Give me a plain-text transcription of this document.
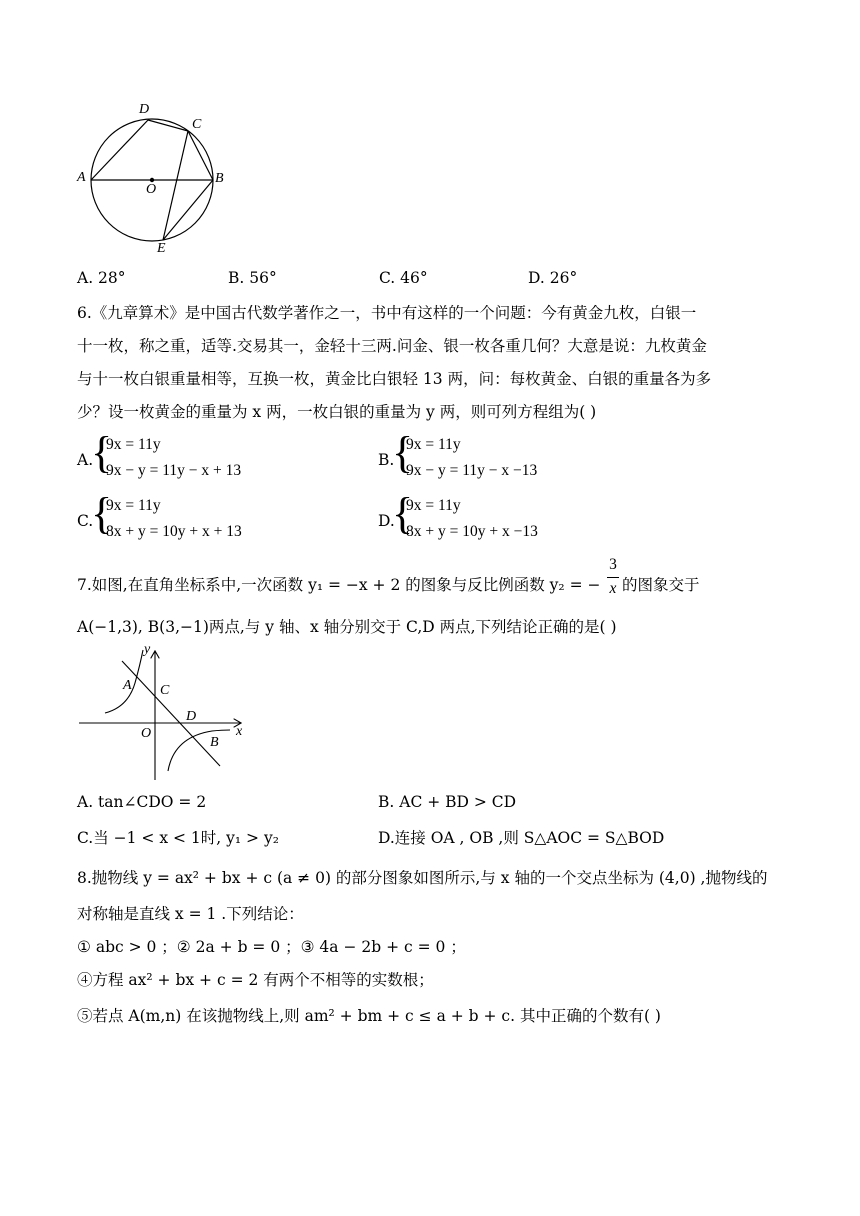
D
C
A
O
B
E
A. 28°	B. 56°	C. 46°	D. 26°
6.《九章算术》是中国古代数学著作之一，书中有这样的一个问题：今有黄金九枚，白银一
十一枚，称之重，适等.交易其一，金轻十三两.问金、银一枚各重几何？大意是说：九枚黄金
与十一枚白银重量相等，互换一枚，黄金比白银轻 13 两，问：每枚黄金、白银的重量各为多
少？设一枚黄金的重量为 x 两，一枚白银的重量为 y 两，则可列方程组为( )
A.
{
9x = 11y
9x − y = 11y − x + 13
B.
{
9x = 11y
9x − y = 11y − x −13
C.
{
9x = 11y
8x + y = 10y + x + 13
D.
{
9x = 11y
8x + y = 10y + x −13
7.如图,在直角坐标系中,一次函数 y₁ = −x + 2 的图象与反比例函数 y₂ = −
3
x 的图象交于
A(−1,3), B(3,−1)两点,与 y 轴、x 轴分别交于 C,D 两点,下列结论正确的是( )
y
x
A C
D
O
B
A. tan∠CDO = 2	B. AC + BD > CD
C.当 −1 < x < 1时, y₁ > y₂	D.连接 OA , OB ,则 S△AOC = S△BOD
8.抛物线 y = ax² + bx + c (a ≠ 0) 的部分图象如图所示,与 x 轴的一个交点坐标为 (4,0) ,抛物线的
对称轴是直线 x = 1 .下列结论：
① abc > 0 ；② 2a + b = 0 ；③ 4a − 2b + c = 0 ；
④方程 ax² + bx + c = 2 有两个不相等的实数根；
⑤若点 A(m,n) 在该抛物线上,则 am² + bm + c ≤ a + b + c. 其中正确的个数有( )
